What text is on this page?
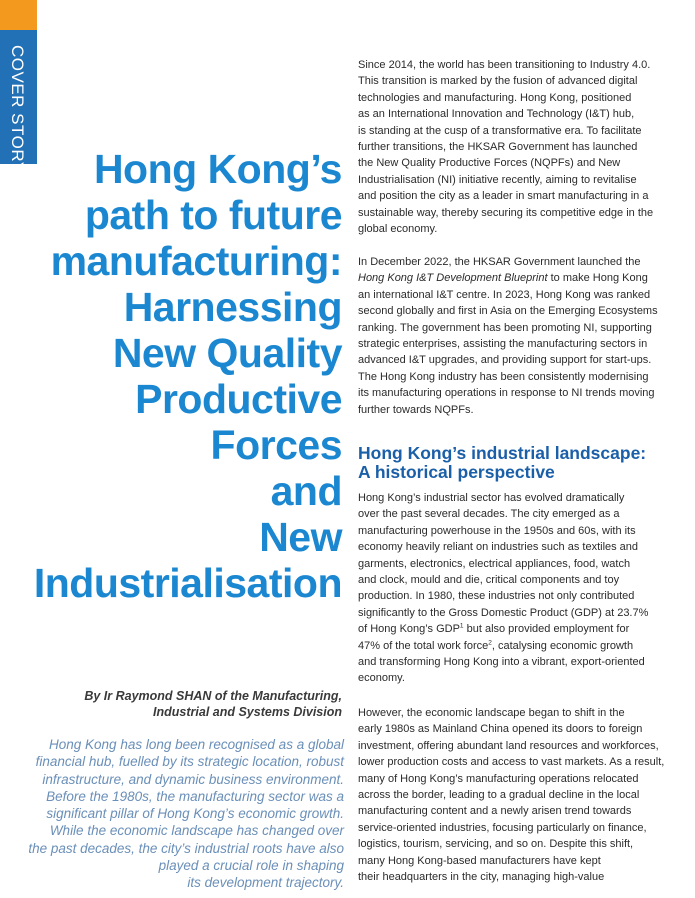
COVER STORY	Hong Kong’s
path to future
manufacturing:
Harnessing
New Quality
Productive
Forces
and
New
Industrialisation
By Ir Raymond SHAN of the Manufacturing,
Industrial and Systems Division
Hong Kong has long been recognised as a global
financial hub, fuelled by its strategic location, robust
infrastructure, and dynamic business environment.
Before the 1980s, the manufacturing sector was a
significant pillar of Hong Kong’s economic growth.
While the economic landscape has changed over
the past decades, the city’s industrial roots have also
played a crucial role in shaping
its development trajectory.

Since 2014, the world has been transitioning to Industry 4.0.
This transition is marked by the fusion of advanced digital
technologies and manufacturing. Hong Kong, positioned
as an International Innovation and Technology (I&T) hub,
is standing at the cusp of a transformative era. To facilitate
further transitions, the HKSAR Government has launched
the New Quality Productive Forces (NQPFs) and New
Industrialisation (NI) initiative recently, aiming to revitalise
and position the city as a leader in smart manufacturing in a
sustainable way, thereby securing its competitive edge in the
global economy.

In December 2022, the HKSAR Government launched the
Hong Kong I&T Development Blueprint to make Hong Kong
an international I&T centre. In 2023, Hong Kong was ranked
second globally and first in Asia on the Emerging Ecosystems
ranking. The government has been promoting NI, supporting
strategic enterprises, assisting the manufacturing sectors in
advanced I&T upgrades, and providing support for start-ups.
The Hong Kong industry has been consistently modernising
its manufacturing operations in response to NI trends moving
further towards NQPFs.

Hong Kong’s industrial landscape:
A historical perspective

Hong Kong’s industrial sector has evolved dramatically
over the past several decades. The city emerged as a
manufacturing powerhouse in the 1950s and 60s, with its
economy heavily reliant on industries such as textiles and
garments, electronics, electrical appliances, food, watch
and clock, mould and die, critical components and toy
production. In 1980, these industries not only contributed
significantly to the Gross Domestic Product (GDP) at 23.7%
of Hong Kong’s GDP$^1$ but also provided employment for
47% of the total work force$^2$, catalysing economic growth
and transforming Hong Kong into a vibrant, export-oriented
economy.

However, the economic landscape began to shift in the
early 1980s as Mainland China opened its doors to foreign
investment, offering abundant land resources and workforces,
lower production costs and access to vast markets. As a result,
many of Hong Kong’s manufacturing operations relocated
across the border, leading to a gradual decline in the local
manufacturing content and a newly arisen trend towards
service-oriented industries, focusing particularly on finance,
logistics, tourism, servicing, and so on. Despite this shift,
many Hong Kong-based manufacturers have kept
their headquarters in the city, managing high-value
